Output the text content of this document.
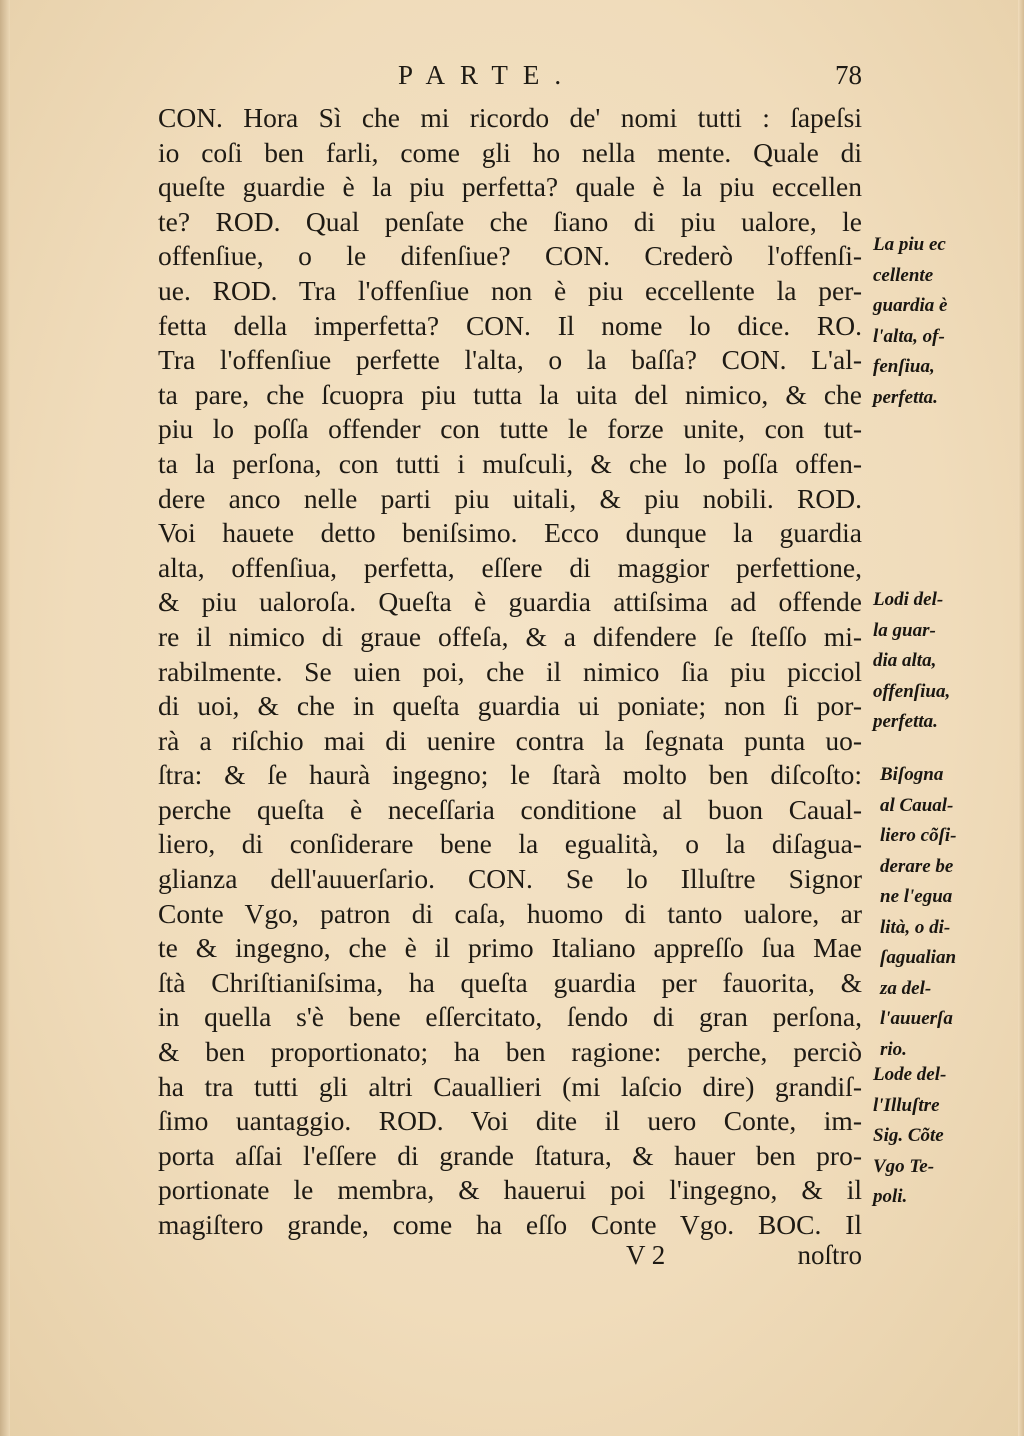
PARTE.	78
CON. Hora Sì che mi ricordo de' nomi tutti : ſapeſsi
io coſi ben farli, come gli ho nella mente. Quale di
queſte guardie è la piu perfetta? quale è la piu eccellen
te? ROD. Qual penſate che ſiano di piu ualore, le
offenſiue, o le difenſiue? CON. Crederò l'offenſi-
ue. ROD. Tra l'offenſiue non è piu eccellente la per-
fetta della imperfetta? CON. Il nome lo dice. RO.
Tra l'offenſiue perfette l'alta, o la baſſa? CON. L'al-
ta pare, che ſcuopra piu tutta la uita del nimico, & che
piu lo poſſa offender con tutte le forze unite, con tut-
ta la perſona, con tutti i muſculi, & che lo poſſa offen-
dere anco nelle parti piu uitali, & piu nobili. ROD.
Voi hauete detto beniſsimo. Ecco dunque la guardia
alta, offenſiua, perfetta, eſſere di maggior perfettione,
& piu ualoroſa. Queſta è guardia attiſsima ad offende
re il nimico di graue offeſa, & a difendere ſe ſteſſo mi-
rabilmente. Se uien poi, che il nimico ſia piu picciol
di uoi, & che in queſta guardia ui poniate; non ſi por-
rà a riſchio mai di uenire contra la ſegnata punta uo-
ſtra: & ſe haurà ingegno; le ſtarà molto ben diſcoſto:
perche queſta è neceſſaria conditione al buon Caual-
liero, di conſiderare bene la egualità, o la diſagua-
glianza dell'auuerſario. CON. Se lo Illuſtre Signor
Conte Vgo, patron di caſa, huomo di tanto ualore, ar
te & ingegno, che è il primo Italiano appreſſo ſua Mae
ſtà Chriſtianiſsima, ha queſta guardia per fauorita, &
in quella s'è bene eſſercitato, ſendo di gran perſona,
& ben proportionato; ha ben ragione: perche, perciò
ha tra tutti gli altri Cauallieri (mi laſcio dire) grandiſ-
ſimo uantaggio. ROD. Voi dite il uero Conte, im-
porta aſſai l'eſſere di grande ſtatura, & hauer ben pro-
portionate le membra, & hauerui poi l'ingegno, & il
magiſtero grande, come ha eſſo Conte Vgo. BOC. Il
V 2	noſtro
La piu ec
cellente
guardia è
l'alta, of-
fenſiua,
perfetta.
Lodi del-
la guar-
dia alta,
offenſiua,
perfetta.
Biſogna
al Caual-
liero cõſi-
derare be
ne l'egua
lità, o di-
ſagualian
za del-
l'auuerſa
rio.
Lode del-
l'Illuſtre
Sig. Cõte
Vgo Te-
poli.
